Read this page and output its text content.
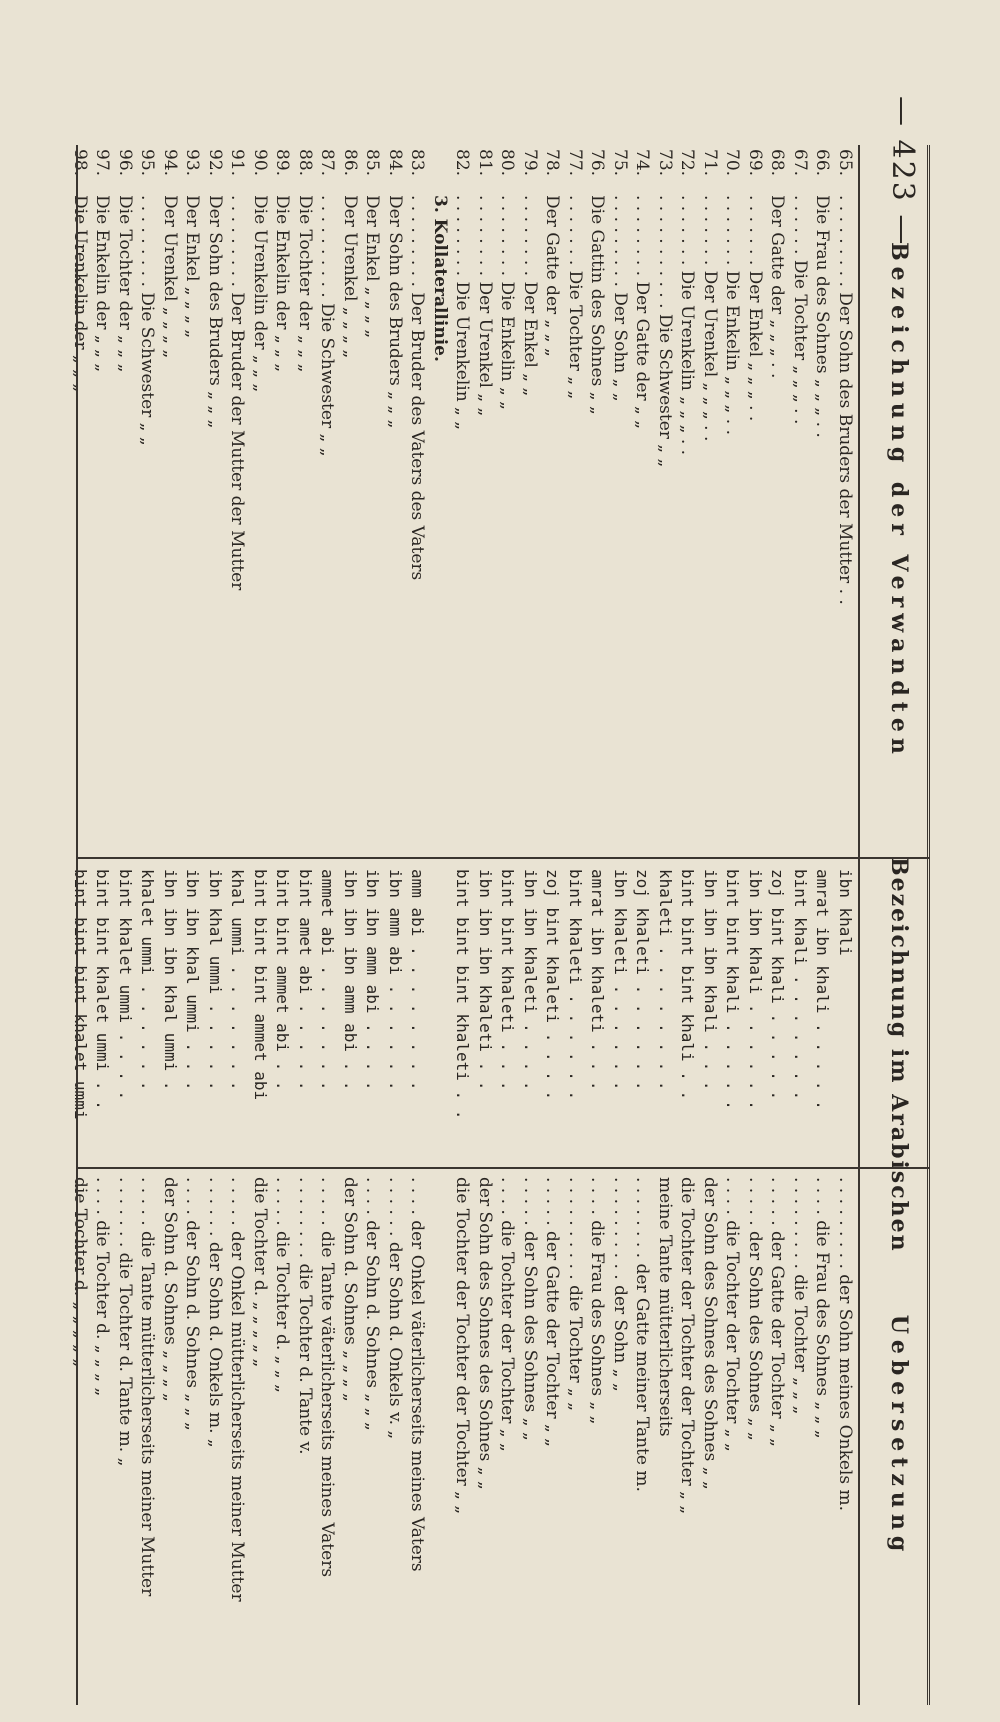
— 423 —
Bezeichnung der Verwandten
Bezeichnung im Arabischen
Uebersetzung
65.
. . . . . . . . . Der Sohn des Bruders der Mutter . .
ibn khali
. . . . . . . . . der Sohn meines Onkels m.
66.
Die Frau des Sohnes „ „ „ . .
amrat ibn khali . . . . .
. . . . die Frau des Sohnes „ „ „
67.
. . . . . . Die Tochter „ „ „ . .
bint khali . . . . . . .
. . . . . . . . . die Tochter „ „ „
68.
Der Gatte der „ „ „ . .
zoj bint khali . . . . .
. . . . . der Gatte der Tochter „ „
69.
. . . . . . . Der Enkel „ „ „ . .
ibn ibn khali . . . . . .
. . . . . der Sohn des Sohnes „ „
70.
. . . . . . . Die Enkelin „ „ „ . .
bint bint khali . . . . .
. . . . die Tochter der Tochter „ „
71.
. . . . . . . Der Urenkel „ „ „ . .
ibn ibn ibn khali . . .
der Sohn des Sohnes des Sohnes „ „
72.
. . . . . . . Die Urenkelin „ „ „ . .
bint bint bint khali . .
die Tochter der Tochter der Tochter „ „
73.
. . . . . . . . . . . Die Schwester „ „
khaleti . . . . . . . .
meine Tante mütterlicherseits
74.
. . . . . . . . Der Gatte der „ „
zoj khaleti . . . . . .
. . . . . . . . der Gatte meiner Tante m.
75.
. . . . . . . . . Der Sohn „ „
ibn khaleti . . . . . .
. . . . . . . . . . der Sohn „ „
76.
Die Gattin des Sohnes „ „
amrat ibn khaleti . . .
. . . . die Frau des Sohnes „ „
77.
. . . . . . . Die Tochter „ „
bint khaleti . . . . . .
. . . . . . . . . . die Tochter „ „
78.
Der Gatte der „ „ „
zoj bint khaleti . . . .
. . . . . der Gatte der Tochter „ „
79.
. . . . . . . . Der Enkel „ „
ibn ibn khaleti . . . .
. . . . . der Sohn des Sohnes „ „
80.
. . . . . . . . Die Enkelin „ „
bint bint khaleti . . .
. . . . die Tochter der Tochter „ „
81.
. . . . . . . . Der Urenkel „ „
ibn ibn ibn khaleti . .
der Sohn des Sohnes des Sohnes „ „
82.
. . . . . . . . Die Urenkelin „ „
bint bint bint khaleti . .
die Tochter der Tochter der Tochter „ „
3. Kollaterallinie.
83.
. . . . . . . . . Der Bruder des Vaters des Vaters
amm abi . . . . . . . .
. . . . der Onkel väterlicherseits meines Vaters
84.
Der Sohn des Bruders „ „ „
ibn amm abi . . . . . .
. . . . . . der Sohn d. Onkels v. „
85.
Der Enkel „ „ „ „
ibn ibn amm abi . . . .
. . . . der Sohn d. Sohnes „ „ „
86.
Der Urenkel „ „ „ „
ibn ibn ibn amm abi . .
der Sohn d. Sohnes „ „ „ „
87.
. . . . . . . . . . Die Schwester „ „
ammet abi . . . . . . .
. . . . . die Tante väterlicherseits meines Vaters
88.
Die Tochter der „ „ „
bint amet abi . . . . .
. . . . . . . . die Tochter d. Tante v.
89.
Die Enkelin der „ „ „
bint bint ammet abi . .
. . . . . die Tochter d. „ „ „
90.
Die Urenkelin der „ „ „
bint bint bint ammet abi
die Tochter d. „ „ „ „ „
91.
. . . . . . . . . Der Bruder der Mutter der Mutter
khal ummi . . . . . . .
. . . . . der Onkel mütterlicherseits meiner Mutter
92.
Der Sohn des Bruders „ „ „
ibn khal ummi . . . . .
. . . . . . der Sohn d. Onkels m. „
93.
Der Enkel „ „ „ „
ibn ibn khal ummi . . .
. . . . der Sohn d. Sohnes „ „ „
94.
Der Urenkel „ „ „ „
ibn ibn ibn khal ummi .
der Sohn d. Sohnes „ „ „ „
95.
. . . . . . . . . Die Schwester „ „
khalet ummi . . . . . .
. . . . . die Tante mütterlicherseits meiner Mutter
96.
Die Tochter der „ „ „
bint khalet ummi . . . .
. . . . . . . die Tochter d. Tante m. „
97.
Die Enkelin der „ „ „
bint bint khalet ummi . .
. . . . die Tochter d. „ „ „ „
98.
Die Urenkelin der „ „ „
bint bint bint khalet ummi
die Tochter d. „ „ „ „ „
